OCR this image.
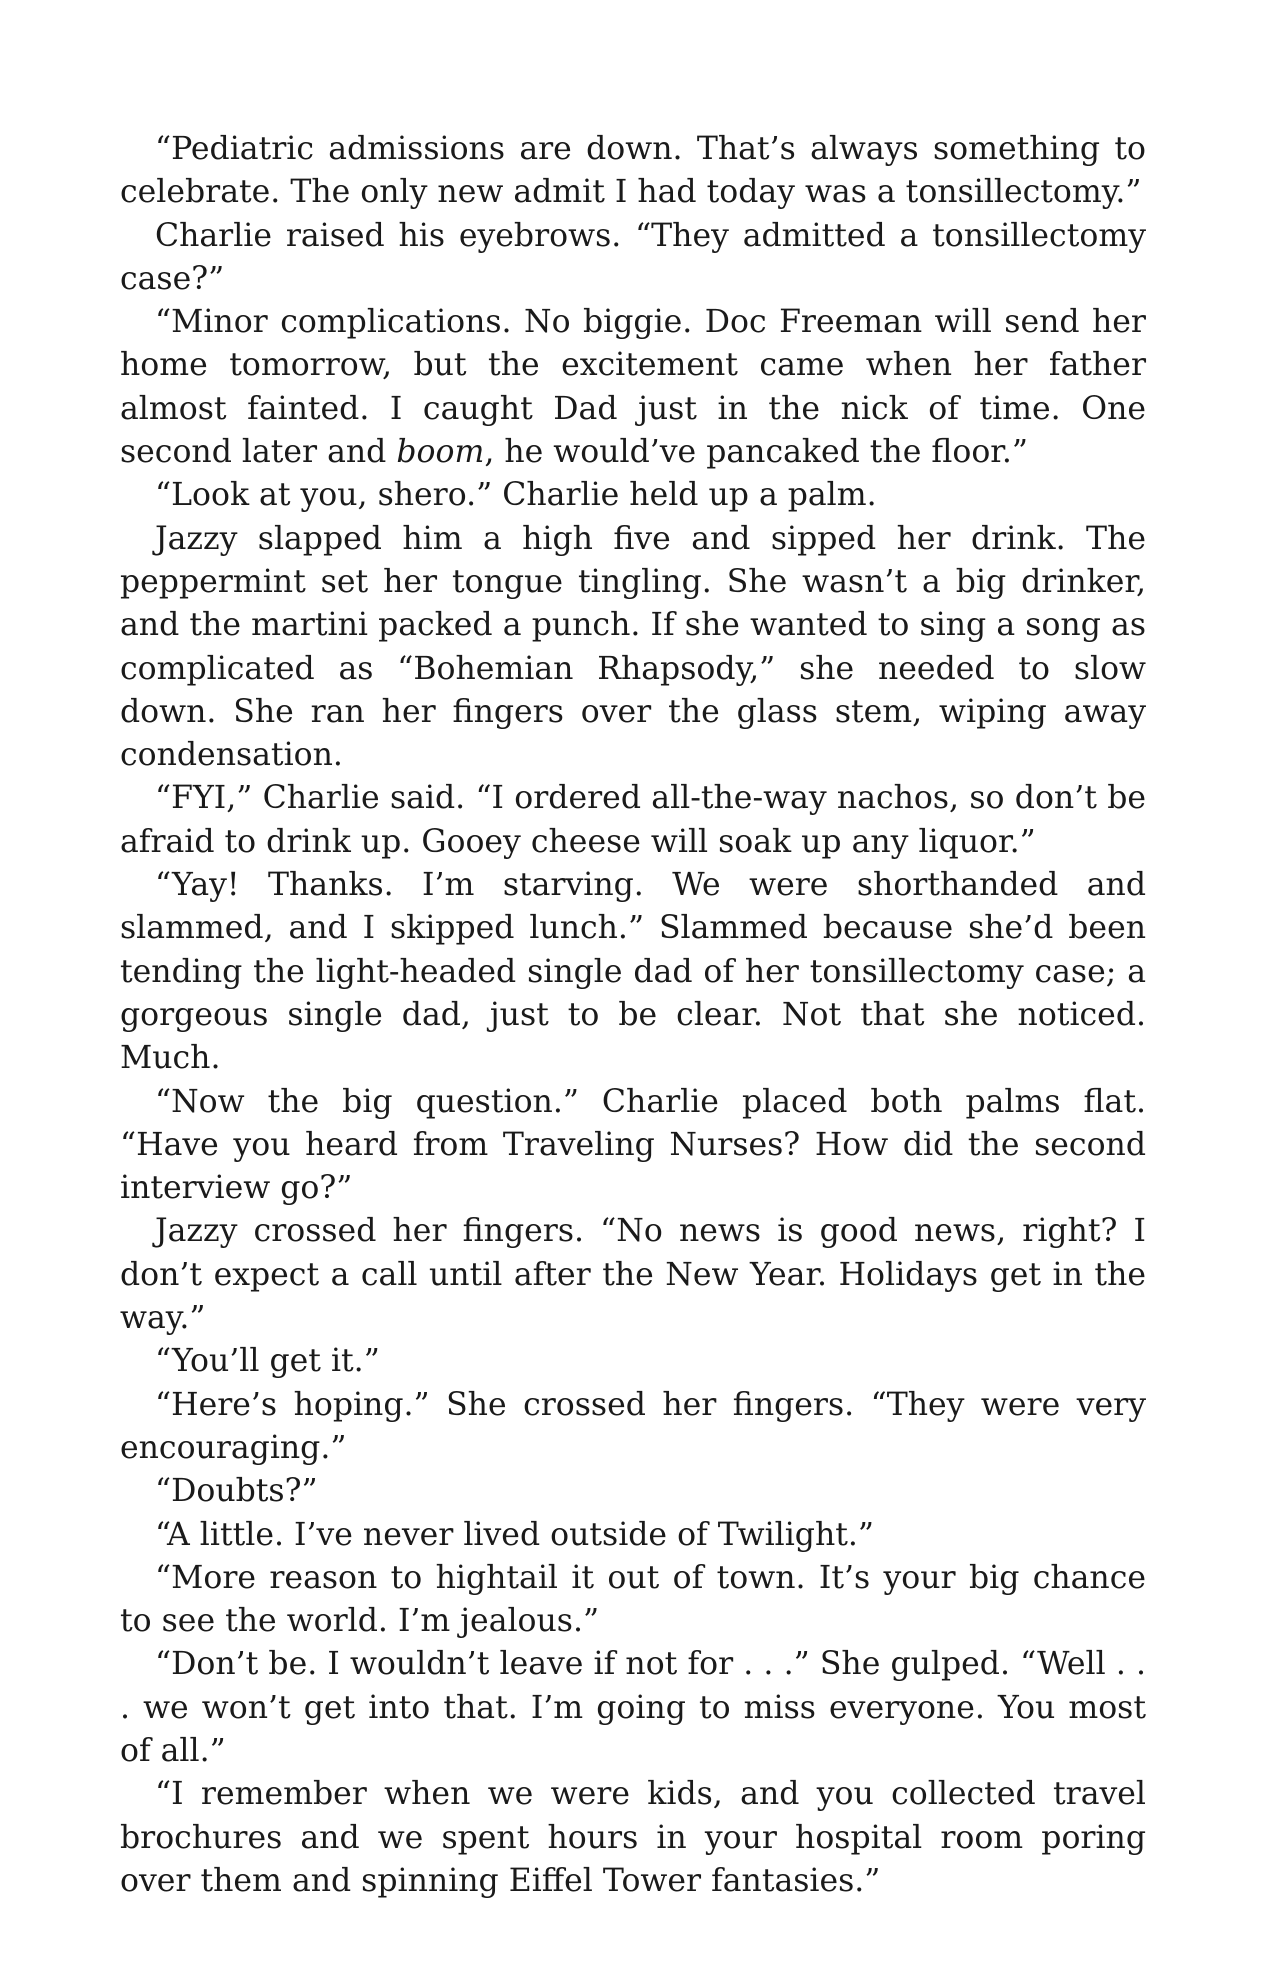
“Pediatric admissions are down. That’s always something to celebrate. The only new admit I had today was a tonsillectomy.”

Charlie raised his eyebrows. “They admitted a tonsillectomy case?”

“Minor complications. No biggie. Doc Freeman will send her home tomorrow, but the excitement came when her father almost fainted. I caught Dad just in the nick of time. One second later and boom, he would’ve pancaked the floor.”

“Look at you, shero.” Charlie held up a palm.

Jazzy slapped him a high five and sipped her drink. The peppermint set her tongue tingling. She wasn’t a big drinker, and the martini packed a punch. If she wanted to sing a song as complicated as “Bohemian Rhapsody,” she needed to slow down. She ran her fingers over the glass stem, wiping away condensation.

“FYI,” Charlie said. “I ordered all-the-way nachos, so don’t be afraid to drink up. Gooey cheese will soak up any liquor.”

“Yay! Thanks. I’m starving. We were shorthanded and slammed, and I skipped lunch.” Slammed because she’d been tending the light-headed single dad of her tonsillectomy case; a gorgeous single dad, just to be clear. Not that she noticed. Much.

“Now the big question.” Charlie placed both palms flat. “Have you heard from Traveling Nurses? How did the second interview go?”

Jazzy crossed her fingers. “No news is good news, right? I don’t expect a call until after the New Year. Holidays get in the way.”

“You’ll get it.”

“Here’s hoping.” She crossed her fingers. “They were very encouraging.”

“Doubts?”

“A little. I’ve never lived outside of Twilight.”

“More reason to hightail it out of town. It’s your big chance to see the world. I’m jealous.”

“Don’t be. I wouldn’t leave if not for . . .” She gulped. “Well . . . we won’t get into that. I’m going to miss everyone. You most of all.”

“I remember when we were kids, and you collected travel brochures and we spent hours in your hospital room poring over them and spinning Eiffel Tower fantasies.”
